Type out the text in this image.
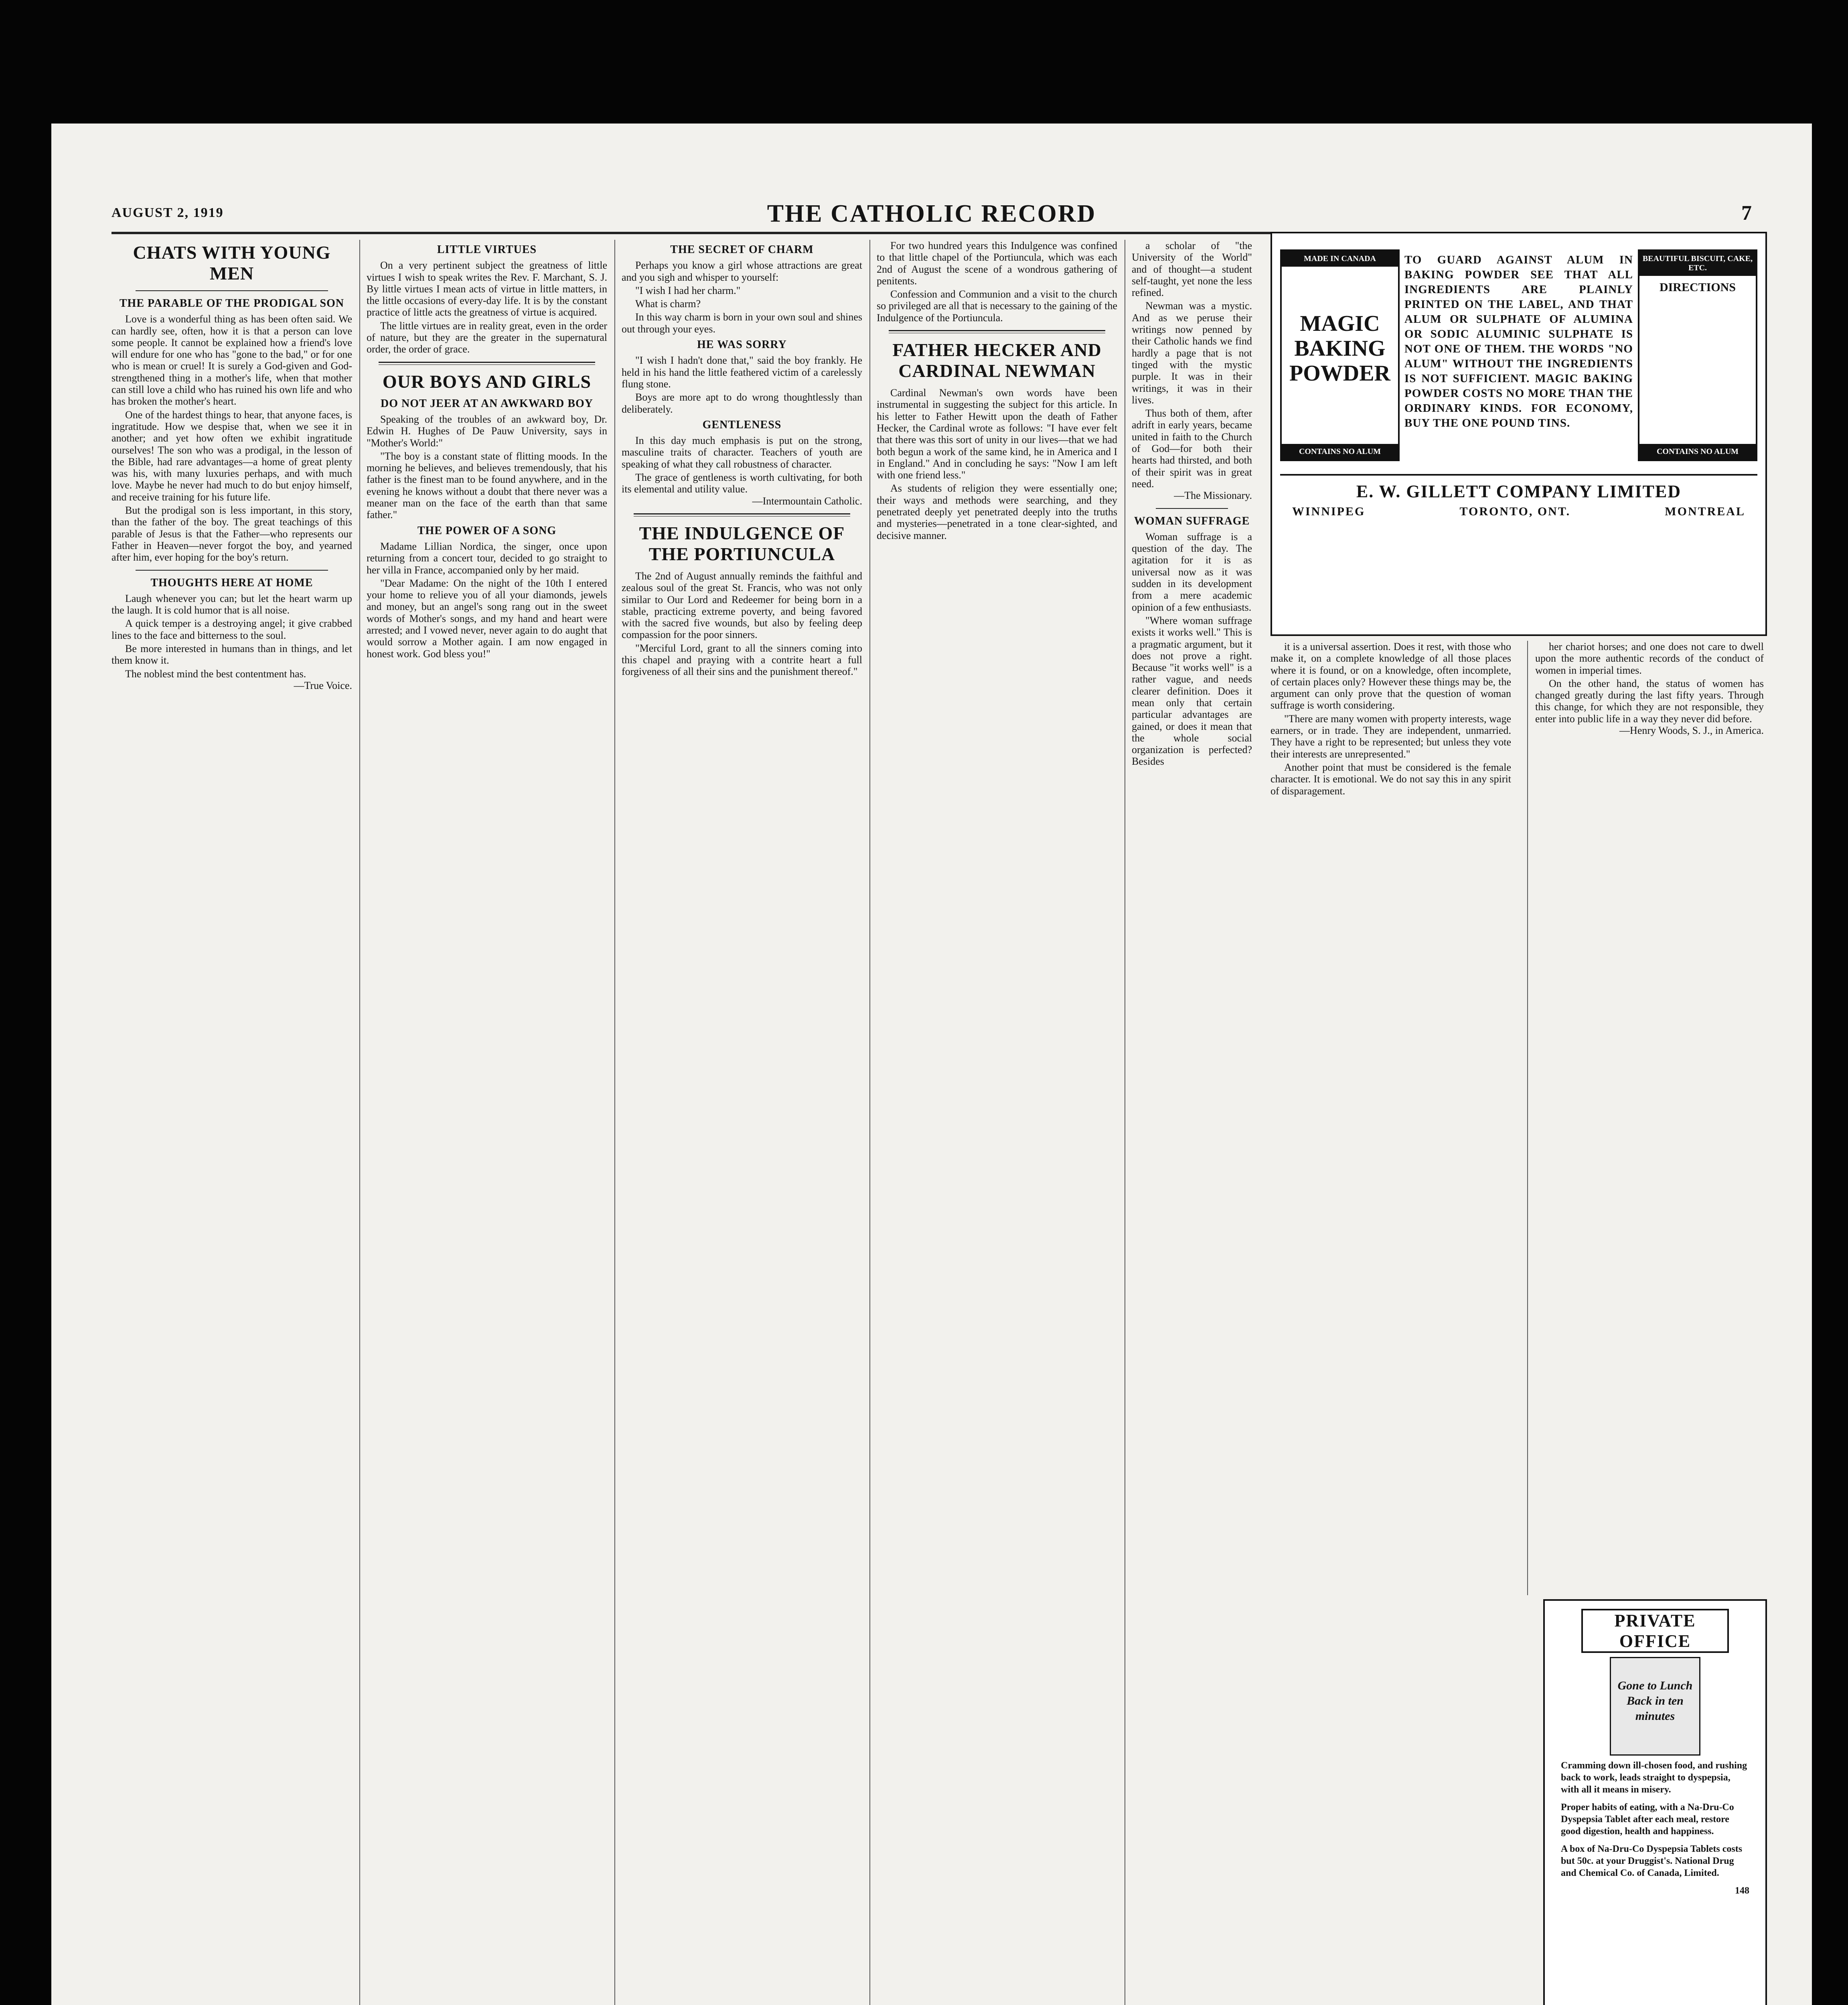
AUGUST 2, 1919	THE CATHOLIC RECORD	7
CHATS WITH YOUNG MEN
THE PARABLE OF THE PRODIGAL SON

Love is a wonderful thing as has been often said. We can hardly see, often, how it is that a person can love some people. It cannot be explained how a friend's love will endure for one who has "gone to the bad," or for one who is mean or cruel! It is surely a God-given and God-strengthened thing in a mother's life, when that mother can still love a child who has ruined his own life and who has broken the mother's heart.

One of the hardest things to hear, that anyone faces, is ingratitude. How we despise that, when we see it in another; and yet how often we exhibit ingratitude ourselves! The son who was a prodigal, in the lesson of the Bible, had rare advantages—a home of great plenty was his, with many luxuries perhaps, and with much love. Maybe he never had much to do but enjoy himself, and receive training for his future life.

But the prodigal son is less important, in this story, than the father of the boy. The great teachings of this parable of Jesus is that the Father—who represents our Father in Heaven—never forgot the boy, and yearned after him, ever hoping for the boy's return.

THOUGHTS HERE AT HOME

Laugh whenever you can; but let the heart warm up the laugh. It is cold humor that is all noise.

A quick temper is a destroying angel; it give crabbed lines to the face and bitterness to the soul.

Be more interested in humans than in things, and let them know it.

The noblest mind the best contentment has.

—True Voice.
LITTLE VIRTUES

On a very pertinent subject the greatness of little virtues I wish to speak writes the Rev. F. Marchant, S. J. By little virtues I mean acts of virtue in little matters, in the little occasions of every-day life. It is by the constant practice of little acts the greatness of virtue is acquired.

The little virtues are in reality great, even in the order of nature, but they are the greater in the supernatural order, the order of grace.

OUR BOYS AND GIRLS
DO NOT JEER AT AN AWKWARD BOY

Speaking of the troubles of an awkward boy, Dr. Edwin H. Hughes of De Pauw University, says in "Mother's World:"

"The boy is a constant state of flitting moods. In the morning he believes, and believes tremendously, that his father is the finest man to be found anywhere, and in the evening he knows without a doubt that there never was a meaner man on the face of the earth than that same father."

THE POWER OF A SONG

Madame Lillian Nordica, the singer, once upon returning from a concert tour, decided to go straight to her villa in France, accompanied only by her maid.

"Dear Madame: On the night of the 10th I entered your home to relieve you of all your diamonds, jewels and money, but an angel's song rang out in the sweet words of Mother's songs, and my hand and heart were arrested; and I vowed never, never again to do aught that would sorrow a Mother again. I am now engaged in honest work. God bless you!"

THE SECRET OF CHARM

Perhaps you know a girl whose attractions are great and you sigh and whisper to yourself:

"I wish I had her charm."

What is charm?

In this way charm is born in your own soul and shines out through your eyes.

HE WAS SORRY

"I wish I hadn't done that," said the boy frankly. He held in his hand the little feathered victim of a carelessly flung stone.

Boys are more apt to do wrong thoughtlessly than deliberately.

GENTLENESS

In this day much emphasis is put on the strong, masculine traits of character. Teachers of youth are speaking of what they call robustness of character.

The grace of gentleness is worth cultivating, for both its elemental and utility value.

—Intermountain Catholic.
THE INDULGENCE OF THE PORTIUNCULA

The 2nd of August annually reminds the faithful and zealous soul of the great St. Francis, who was not only similar to Our Lord and Redeemer for being born in a stable, practicing extreme poverty, and being favored with the sacred five wounds, but also by feeling deep compassion for the poor sinners.

"Merciful Lord, grant to all the sinners coming into this chapel and praying with a contrite heart a full forgiveness of all their sins and the punishment thereof."

For two hundred years this Indulgence was confined to that little chapel of the Portiuncula, which was each 2nd of August the scene of a wondrous gathering of penitents.

Confession and Communion and a visit to the church so privileged are all that is necessary to the gaining of the Indulgence of the Portiuncula.

FATHER HECKER AND CARDINAL NEWMAN

Cardinal Newman's own words have been instrumental in suggesting the subject for this article. In his letter to Father Hewitt upon the death of Father Hecker, the Cardinal wrote as follows: "I have ever felt that there was this sort of unity in our lives—that we had both begun a work of the same kind, he in America and I in England." And in concluding he says: "Now I am left with one friend less."

As students of religion they were essentially one; their ways and methods were searching, and they penetrated deeply yet penetrated deeply into the truths and mysteries—penetrated in a tone clear-sighted, and decisive manner.

a scholar of "the University of the World" and of thought—a student self-taught, yet none the less refined.

Newman was a mystic. And as we peruse their writings now penned by their Catholic hands we find hardly a page that is not tinged with the mystic purple. It was in their writings, it was in their lives.

Thus both of them, after adrift in early years, became united in faith to the Church of God—for both their hearts had thirsted, and both of their spirit was in great need.

—The Missionary.
WOMAN SUFFRAGE

Woman suffrage is a question of the day. The agitation for it is as universal now as it was sudden in its development from a mere academic opinion of a few enthusiasts.

"Where woman suffrage exists it works well." This is a pragmatic argument, but it does not prove a right. Because "it works well" is a rather vague, and needs clearer definition. Does it mean only that certain particular advantages are gained, or does it mean that the whole social organization is perfected? Besides

it is a universal assertion. Does it rest, with those who make it, on a complete knowledge of all those places where it is found, or on a knowledge, often incomplete, of certain places only? However these things may be, the argument can only prove that the question of woman suffrage is worth considering.

"There are many women with property interests, wage earners, or in trade. They are independent, unmarried. They have a right to be represented; but unless they vote their interests are unrepresented."

Another point that must be considered is the female character. It is emotional. We do not say this in any spirit of disparagement.

her chariot horses; and one does not care to dwell upon the more authentic records of the conduct of women in imperial times.

On the other hand, the status of women has changed greatly during the last fifty years. Through this change, for which they are not responsible, they enter into public life in a way they never did before.

—Henry Woods, S. J., in America.
MADE IN CANADA
MAGIC BAKING POWDER
CONTAINS NO ALUM
TO GUARD AGAINST ALUM IN BAKING POWDER SEE THAT ALL INGREDIENTS ARE PLAINLY PRINTED ON THE LABEL, AND THAT ALUM OR SULPHATE OF ALUMINA OR SODIC ALUMINIC SULPHATE IS NOT ONE OF THEM. THE WORDS "NO ALUM" WITHOUT THE INGREDIENTS IS NOT SUFFICIENT. MAGIC BAKING POWDER COSTS NO MORE THAN THE ORDINARY KINDS. FOR ECONOMY, BUY THE ONE POUND TINS.
BEAUTIFUL BISCUIT, CAKE, ETC.
DIRECTIONS
CONTAINS NO ALUM
E. W. GILLETT COMPANY LIMITED
WINNIPEG	TORONTO, ONT.	MONTREAL
PRIVATE OFFICE
Gone to Lunch Back in ten minutes

Cramming down ill-chosen food, and rushing back to work, leads straight to dyspepsia, with all it means in misery.

Proper habits of eating, with a Na-Dru-Co Dyspepsia Tablet after each meal, restore good digestion, health and happiness.

A box of Na-Dru-Co Dyspepsia Tablets costs but 50c. at your Druggist's. National Drug and Chemical Co. of Canada, Limited.

148
